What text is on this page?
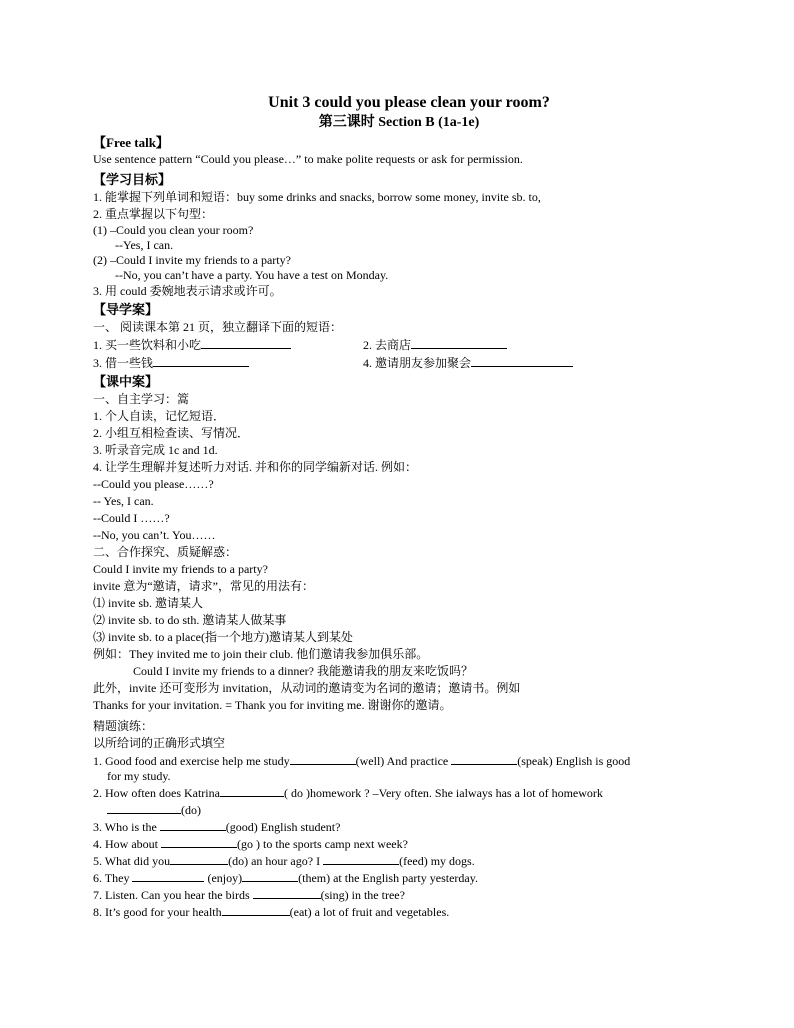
Unit 3 could you please clean your room?

第三课时 Section B (1a-1e)

【Free talk】

Use sentence pattern “Could you please…” to make polite requests or ask for permission.

【学习目标】

1. 能掌握下列单词和短语：buy some drinks and snacks, borrow some money, invite sb. to,

2. 重点掌握以下句型：

(1) –Could you clean your room?

--Yes, I can.

(2) –Could I invite my friends to a party?

--No, you can’t have a party. You have a test on Monday.

3. 用 could 委婉地表示请求或许可。

【导学案】

一、 阅读课本第 21 页，独立翻译下面的短语：

1. 买一些饮料和小吃	2. 去商店
3. 借一些钱	4. 邀请朋友参加聚会

【课中案】

一、自主学习：篙

1. 个人自读，记忆短语．

2. 小组互相检查读、写情况．

3. 听录音完成 1c and 1d.

4. 让学生理解并复述听力对话. 并和你的同学编新对话. 例如：

--Could you please……?

-- Yes, I can.

--Could I ……?

--No, you can’t. You……

二、合作探究、质疑解惑：

Could I invite my friends to a party?

invite 意为“邀请，请求”，常见的用法有：

⑴ invite sb. 邀请某人

⑵ invite sb. to do sth. 邀请某人做某事

⑶ invite sb. to a place(指一个地方)邀请某人到某处

例如：They invited me to join their club. 他们邀请我参加俱乐部。

Could I invite my friends to a dinner? 我能邀请我的朋友来吃饭吗？

此外，invite 还可变形为 invitation，从动词的邀请变为名词的邀请；邀请书。例如

Thanks for your invitation. = Thank you for inviting me. 谢谢你的邀请。

精题演练：

以所给词的正确形式填空

1. Good food and exercise help me study	(well) And practice	(speak) English is good
for my study.
2. How often does Katrina	( do )homework ? –Very often. She ialways has a lot of homework
(do)
3. Who is the	(good) English student?
4. How about	(go ) to the sports camp next week?
5. What did you	(do) an hour ago? I	(feed) my dogs.
6. They	(enjoy)	(them) at the English party yesterday.
7. Listen. Can you hear the birds	(sing) in the tree?
8. It’s good for your health	(eat) a lot of fruit and vegetables.
